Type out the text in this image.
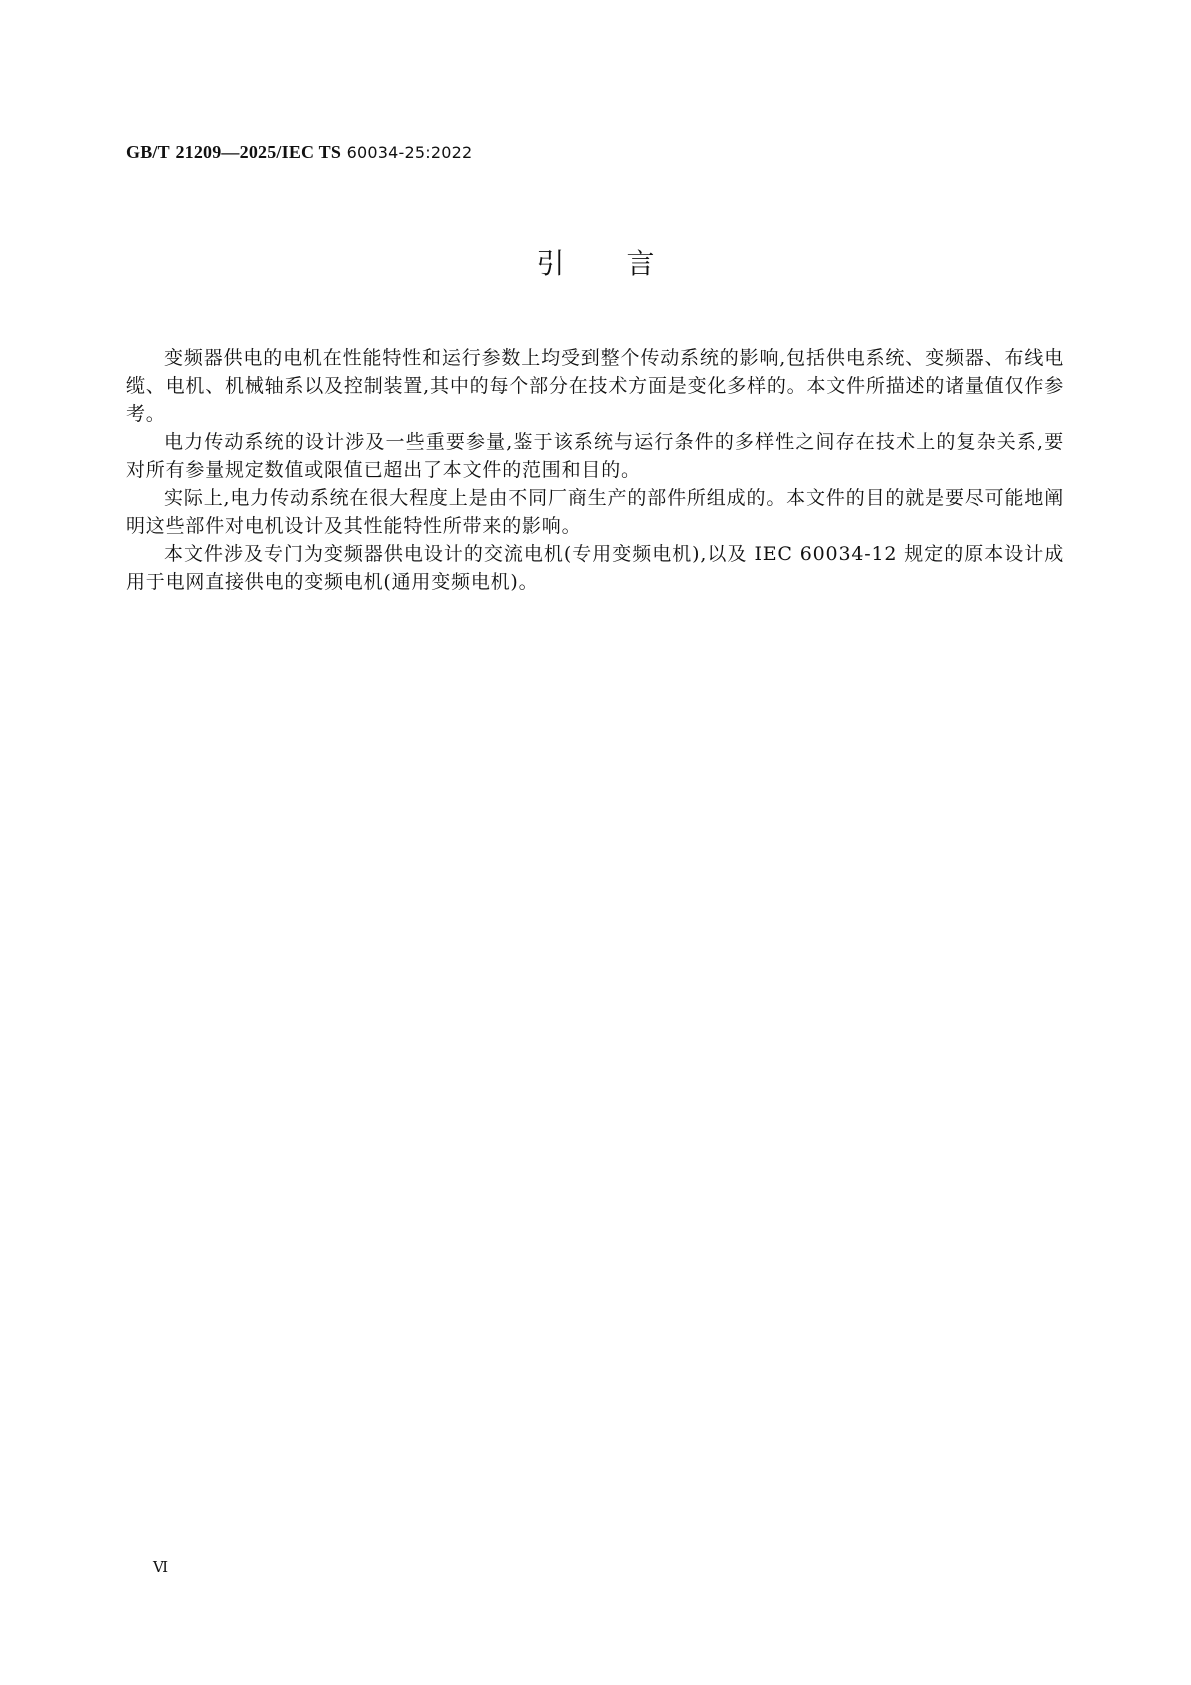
GB/T 21209—2025/IEC TS 60034-25:2022
引 言

变频器供电的电机在性能特性和运行参数上均受到整个传动系统的影响,包括供电系统、变频器、布线电缆、电机、机械轴系以及控制装置,其中的每个部分在技术方面是变化多样的。本文件所描述的诸量值仅作参考。

电力传动系统的设计涉及一些重要参量,鉴于该系统与运行条件的多样性之间存在技术上的复杂关系,要对所有参量规定数值或限值已超出了本文件的范围和目的。

实际上,电力传动系统在很大程度上是由不同厂商生产的部件所组成的。本文件的目的就是要尽可能地阐明这些部件对电机设计及其性能特性所带来的影响。

本文件涉及专门为变频器供电设计的交流电机(专用变频电机),以及 IEC 60034-12 规定的原本设计成用于电网直接供电的变频电机(通用变频电机)。

Ⅵ
